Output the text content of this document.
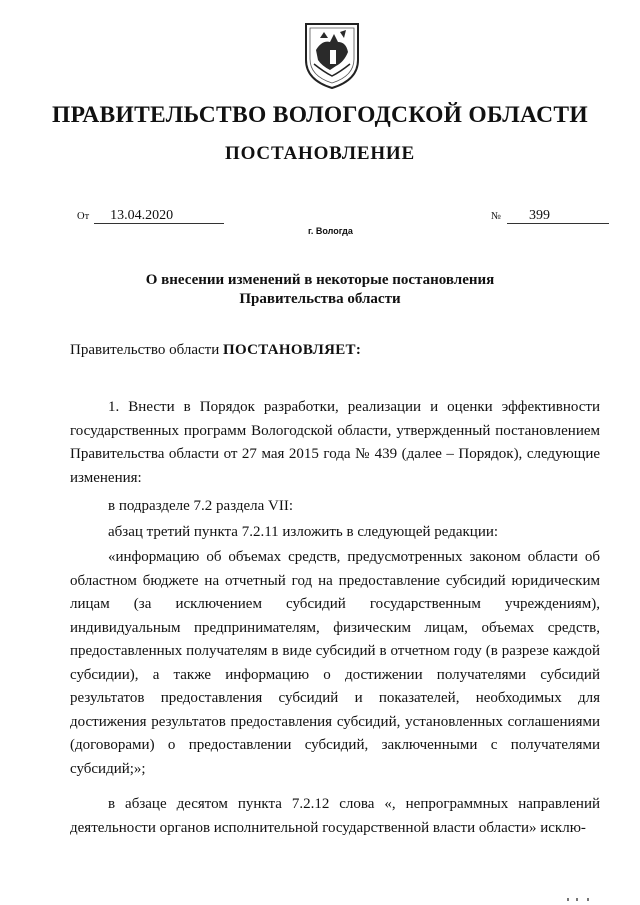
ПРАВИТЕЛЬСТВО ВОЛОГОДСКОЙ ОБЛАСТИ
ПОСТАНОВЛЕНИЕ
От 13.04.2020	№ 399
г. Вологда
О внесении изменений в некоторые постановления
Правительства области
Правительство области ПОСТАНОВЛЯЕТ:
1. Внести в Порядок разработки, реализации и оценки эффективности государственных программ Вологодской области, утвержденный постановлением Правительства области от 27 мая 2015 года № 439 (далее – Порядок), следующие изменения:
в подразделе 7.2 раздела VII:
абзац третий пункта 7.2.11 изложить в следующей редакции:
«информацию об объемах средств, предусмотренных законом области об областном бюджете на отчетный год на предоставление субсидий юридическим лицам (за исключением субсидий государственным учреждениям), индивидуальным предпринимателям, физическим лицам, объемах средств, предоставленных получателям в виде субсидий в отчетном году (в разрезе каждой субсидии), а также информацию о достижении получателями субсидий результатов предоставления субсидий и показателей, необходимых для достижения результатов предоставления субсидий, установленных соглашениями (договорами) о предоставлении субсидий, заключенными с получателями субсидий;»;
в абзаце десятом пункта 7.2.12 слова «, непрограммных направлений деятельности органов исполнительной государственной власти области» исклю-
